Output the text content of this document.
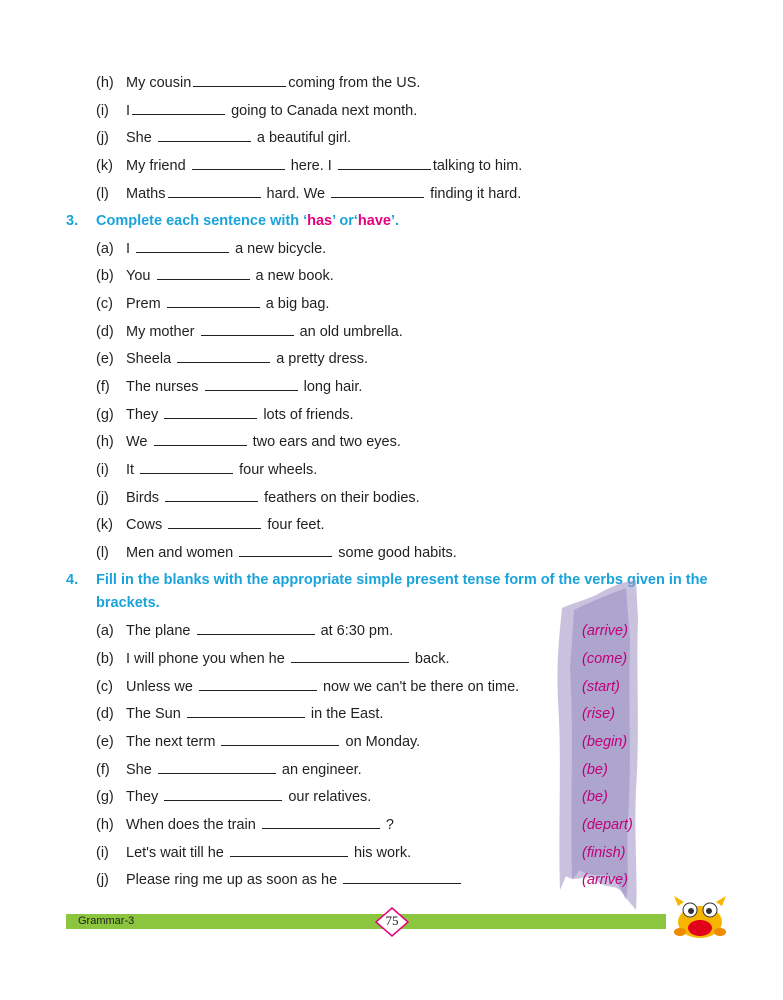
(h) My cousin	coming from the US.
(i) I	going to Canada next month.
(j) She	a beautiful girl.
(k) My friend	here. I	talking to him.
(l) Maths	hard. We	finding it hard.
3. Complete each sentence with ‘has’ or‘have’.
(a) I	a new bicycle.
(b) You	a new book.
(c) Prem	a big bag.
(d) My mother	an old umbrella.
(e) Sheela	a pretty dress.
(f) The nurses	long hair.
(g) They	lots of friends.
(h) We	two ears and two eyes.
(i) It	four wheels.
(j) Birds	feathers on their bodies.
(k) Cows	four feet.
(l) Men and women	some good habits.
4. Fill in the blanks with the appropriate simple present tense form of the verbs given in the
brackets.
(a) The plane	at 6:30 pm.	(arrive)
(b) I will phone you when he	back.	(come)
(c) Unless we	now we can't be there on time.	(start)
(d) The Sun	in the East.	(rise)
(e) The next term	on Monday.	(begin)
(f) She	an engineer.	(be)
(g) They	our relatives.	(be)
(h) When does the train	?	(depart)
(i) Let's wait till he	his work.	(finish)
(j) Please ring me up as soon as he	(arrive)
Grammar-3	75
